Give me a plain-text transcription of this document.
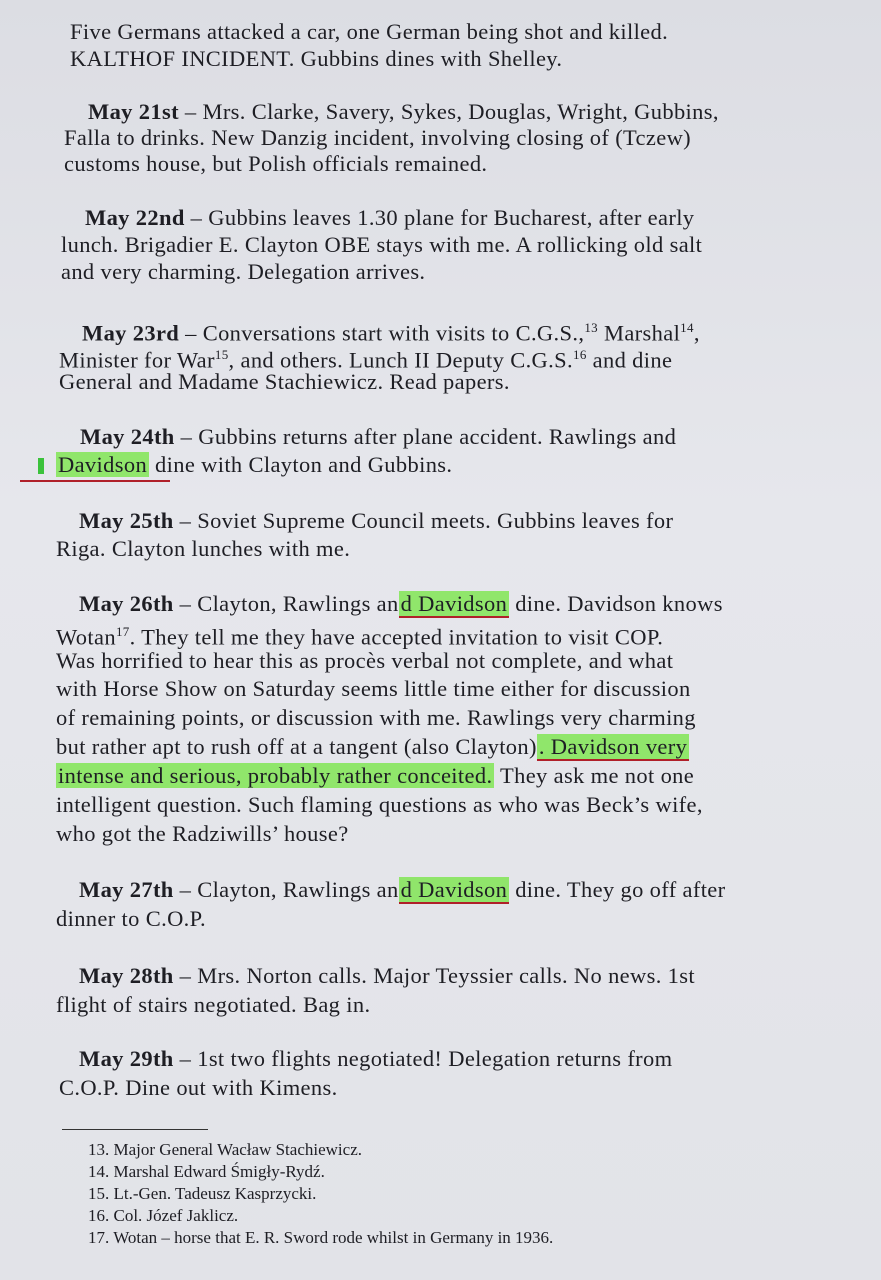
Five Germans attacked a car, one German being shot and killed.
KALTHOF INCIDENT. Gubbins dines with Shelley.
May 21st – Mrs. Clarke, Savery, Sykes, Douglas, Wright, Gubbins,
Falla to drinks. New Danzig incident, involving closing of (Tczew)
customs house, but Polish officials remained.
May 22nd – Gubbins leaves 1.30 plane for Bucharest, after early
lunch. Brigadier E. Clayton OBE stays with me. A rollicking old salt
and very charming. Delegation arrives.
May 23rd – Conversations start with visits to C.G.S.,$^{13}$ Marshal$^{14}$,
Minister for War$^{15}$, and others. Lunch II Deputy C.G.S.$^{16}$ and dine
General and Madame Stachiewicz. Read papers.
May 24th – Gubbins returns after plane accident. Rawlings and
Davidson dine with Clayton and Gubbins.
May 25th – Soviet Supreme Council meets. Gubbins leaves for
Riga. Clayton lunches with me.
May 26th – Clayton, Rawlings and Davidson dine. Davidson knows
Wotan$^{17}$. They tell me they have accepted invitation to visit COP.
Was horrified to hear this as procès verbal not complete, and what
with Horse Show on Saturday seems little time either for discussion
of remaining points, or discussion with me. Rawlings very charming
but rather apt to rush off at a tangent (also Clayton). Davidson very
intense and serious, probably rather conceited. They ask me not one
intelligent question. Such flaming questions as who was Beck’s wife,
who got the Radziwills’ house?
May 27th – Clayton, Rawlings and Davidson dine. They go off after
dinner to C.O.P.
May 28th – Mrs. Norton calls. Major Teyssier calls. No news. 1st
flight of stairs negotiated. Bag in.
May 29th – 1st two flights negotiated! Delegation returns from
C.O.P. Dine out with Kimens.
13. Major General Wacław Stachiewicz.
14. Marshal Edward Śmigły-Rydź.
15. Lt.-Gen. Tadeusz Kasprzycki.
16. Col. Józef Jaklicz.
17. Wotan – horse that E. R. Sword rode whilst in Germany in 1936.
